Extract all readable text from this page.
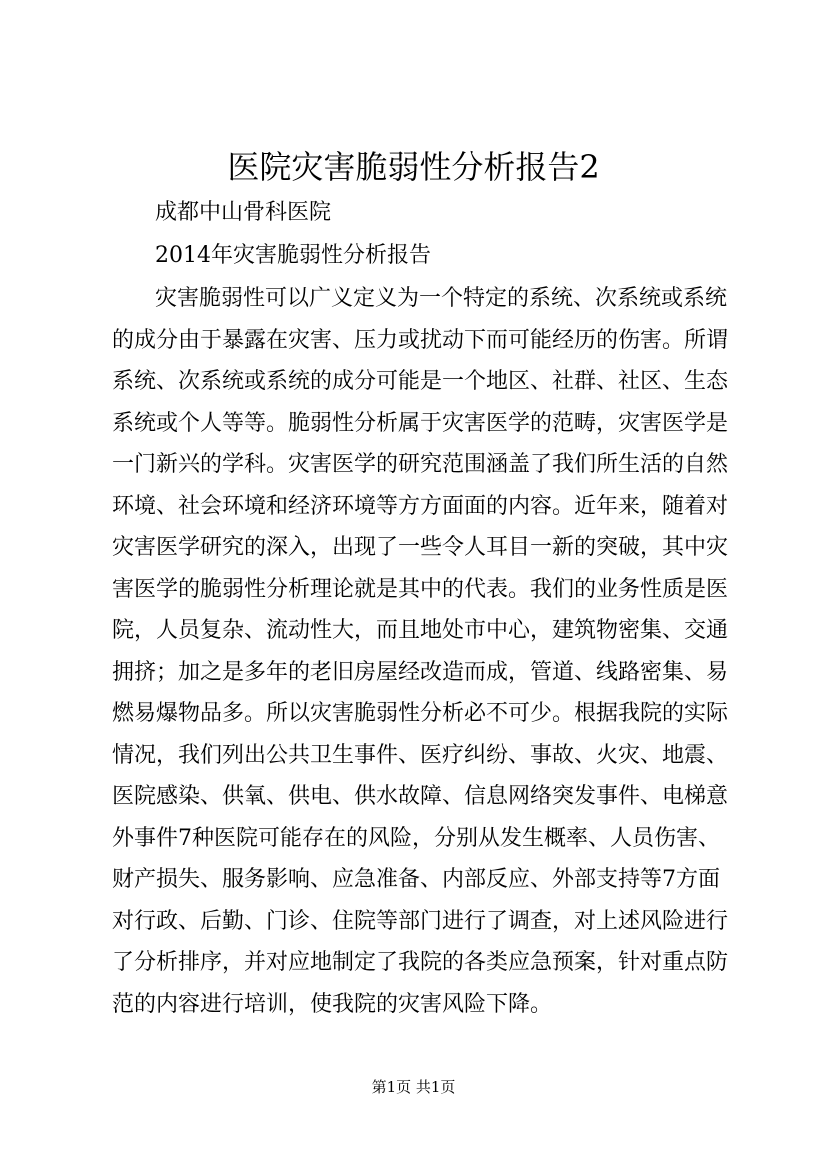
医院灾害脆弱性分析报告2
成都中山骨科医院
2014年灾害脆弱性分析报告
灾害脆弱性可以广义定义为一个特定的系统、次系统或系统
的成分由于暴露在灾害、压力或扰动下而可能经历的伤害。所谓
系统、次系统或系统的成分可能是一个地区、社群、社区、生态
系统或个人等等。脆弱性分析属于灾害医学的范畴，灾害医学是
一门新兴的学科。灾害医学的研究范围涵盖了我们所生活的自然
环境、社会环境和经济环境等方方面面的内容。近年来，随着对
灾害医学研究的深入，出现了一些令人耳目一新的突破，其中灾
害医学的脆弱性分析理论就是其中的代表。我们的业务性质是医
院，人员复杂、流动性大，而且地处市中心，建筑物密集、交通
拥挤；加之是多年的老旧房屋经改造而成，管道、线路密集、易
燃易爆物品多。所以灾害脆弱性分析必不可少。根据我院的实际
情况，我们列出公共卫生事件、医疗纠纷、事故、火灾、地震、
医院感染、供氧、供电、供水故障、信息网络突发事件、电梯意
外事件7种医院可能存在的风险，分别从发生概率、人员伤害、
财产损失、服务影响、应急准备、内部反应、外部支持等7方面
对行政、后勤、门诊、住院等部门进行了调查，对上述风险进行
了分析排序，并对应地制定了我院的各类应急预案，针对重点防
范的内容进行培训，使我院的灾害风险下降。
第1页 共1页
